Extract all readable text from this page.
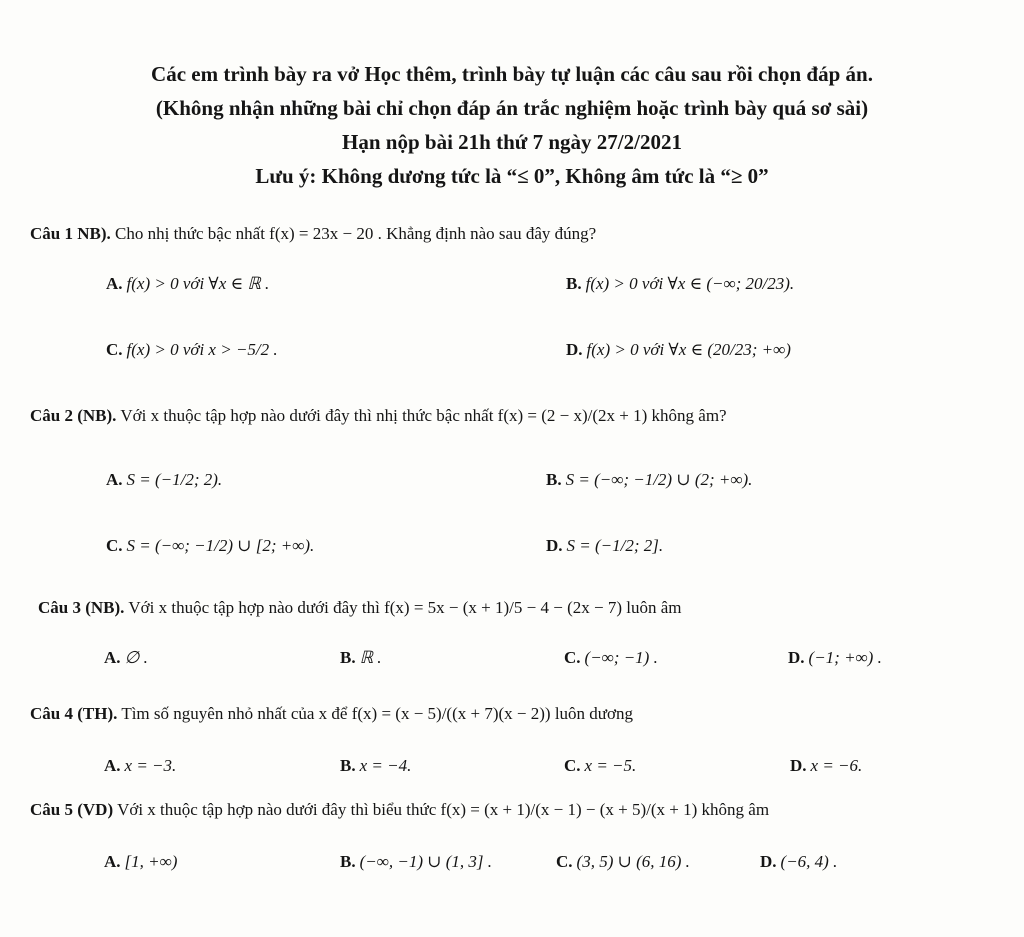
Các em trình bày ra vở Học thêm, trình bày tự luận các câu sau rồi chọn đáp án.
(Không nhận những bài chỉ chọn đáp án trắc nghiệm hoặc trình bày quá sơ sài)
Hạn nộp bài 21h thứ 7 ngày 27/2/2021
Lưu ý: Không dương tức là “≤ 0”, Không âm tức là “≥ 0”
Câu 1 NB). Cho nhị thức bậc nhất f(x) = 23x − 20 . Khẳng định nào sau đây đúng?
A. f(x) > 0 với ∀x ∈ ℝ .	B. f(x) > 0 với ∀x ∈ (−∞; 20/23).
C. f(x) > 0 với x > −5/2 .	D. f(x) > 0 với ∀x ∈ (20/23; +∞)
Câu 2 (NB). Với x thuộc tập hợp nào dưới đây thì nhị thức bậc nhất f(x) = (2 − x)/(2x + 1) không âm?
A. S = (−1/2; 2).	B. S = (−∞; −1/2) ∪ (2; +∞).
C. S = (−∞; −1/2) ∪ [2; +∞).	D. S = (−1/2; 2].
Câu 3 (NB). Với x thuộc tập hợp nào dưới đây thì f(x) = 5x − (x + 1)/5 − 4 − (2x − 7) luôn âm
A. ∅ .	B. ℝ .	C. (−∞; −1) .	D. (−1; +∞) .
Câu 4 (TH). Tìm số nguyên nhỏ nhất của x để f(x) = (x − 5)/((x + 7)(x − 2)) luôn dương
A. x = −3.	B. x = −4.	C. x = −5.	D. x = −6.
Câu 5 (VD) Với x thuộc tập hợp nào dưới đây thì biểu thức f(x) = (x + 1)/(x − 1) − (x + 5)/(x + 1) không âm
A. [1, +∞)	B. (−∞, −1) ∪ (1, 3] .	C. (3, 5) ∪ (6, 16) .	D. (−6, 4) .
